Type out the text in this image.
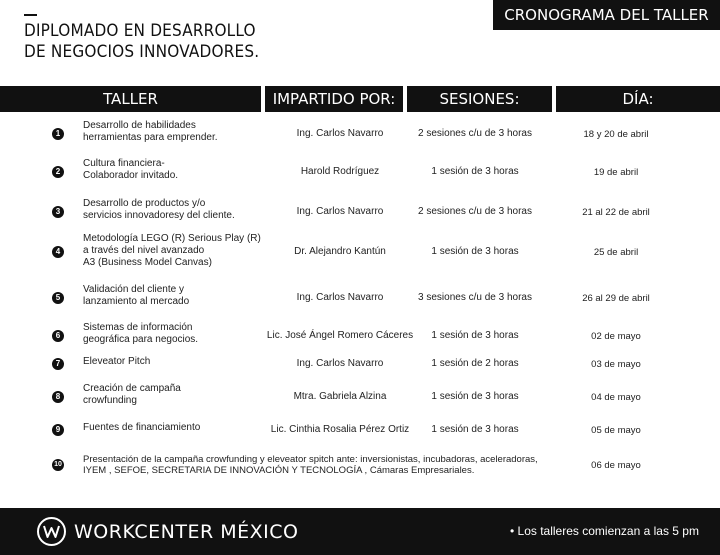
DIPLOMADO EN DESARROLLO
DE NEGOCIOS INNOVADORES.
CRONOGRAMA DEL TALLER
TALLER	IMPARTIDO POR:	SESIONES:	DÍA:
1
Desarrollo de habilidades
herramientas para emprender.	Ing. Carlos Navarro	2 sesiones c/u de 3 horas	18 y 20 de abril
2
Cultura financiera-
Colaborador invitado.	Harold Rodríguez	1 sesión de 3 horas	19 de abril
3
Desarrollo de productos y/o
servicios innovadoresy del cliente.	Ing. Carlos Navarro	2 sesiones c/u de 3 horas	21 al 22 de abril
4
Metodología LEGO (R) Serious Play (R)
a través del nivel avanzado
A3 (Business Model Canvas)
Dr. Alejandro Kantún	1 sesión de 3 horas	25 de abril
5
Validación del cliente y
lanzamiento al mercado	Ing. Carlos Navarro	3 sesiones c/u de 3 horas	26 al 29 de abril
6
Sistemas de información
geográfica para negocios.	Lic. José Ángel Romero Cáceres	1 sesión de 3 horas	02 de mayo
7	Eleveator Pitch	Ing. Carlos Navarro	1 sesión de 2 horas	03 de mayo
8
Creación de campaña
crowfunding	Mtra. Gabriela Alzina	1 sesión de 3 horas	04 de mayo
9	Fuentes de financiamiento	Lic. Cinthia Rosalia Pérez Ortiz	1 sesión de 3 horas	05 de mayo
10 Presentación de la campaña crowfunding y eleveator spitch ante: inversionistas, incubadoras, aceleradoras,
IYEM , SEFOE, SECRETARIA DE INNOVACIÓN Y TECNOLOGÍA , Cámaras Empresariales.	06 de mayo
WORKCENTER MÉXICO	• Los talleres comienzan a las 5 pm
